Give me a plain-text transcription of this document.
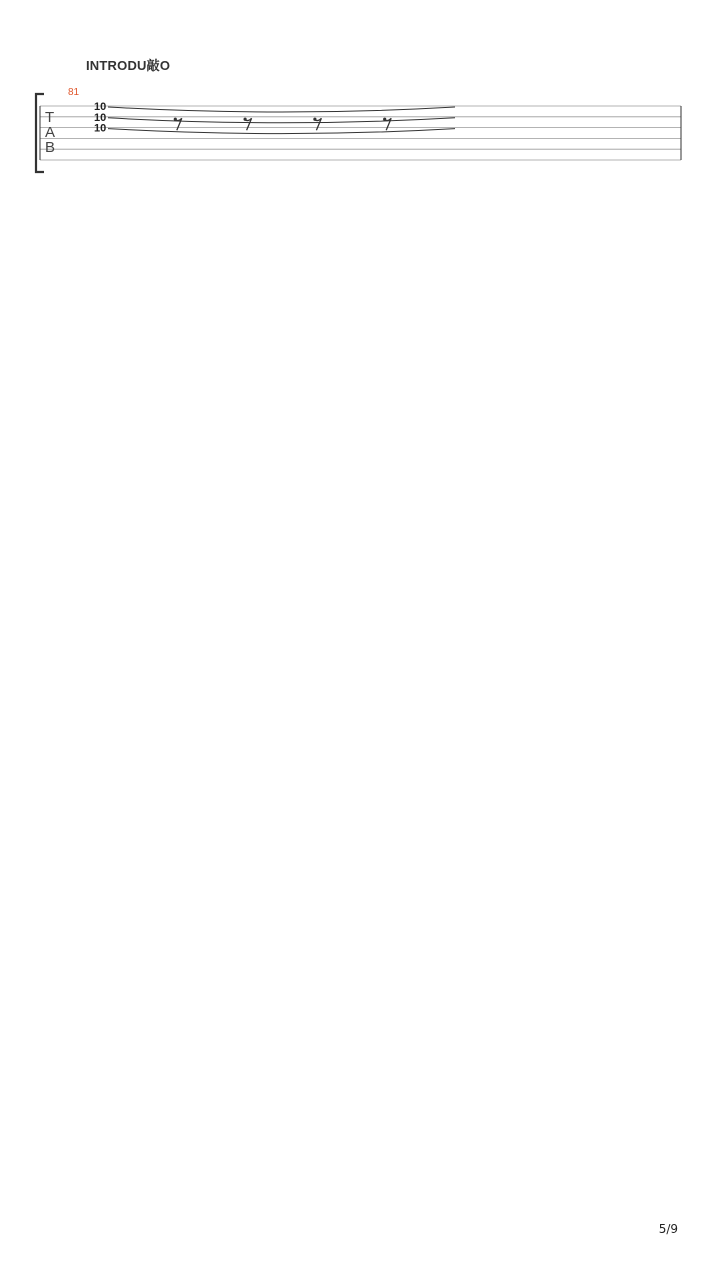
INTRODU敲O
T
A
B
81
10
10
10
5/9
